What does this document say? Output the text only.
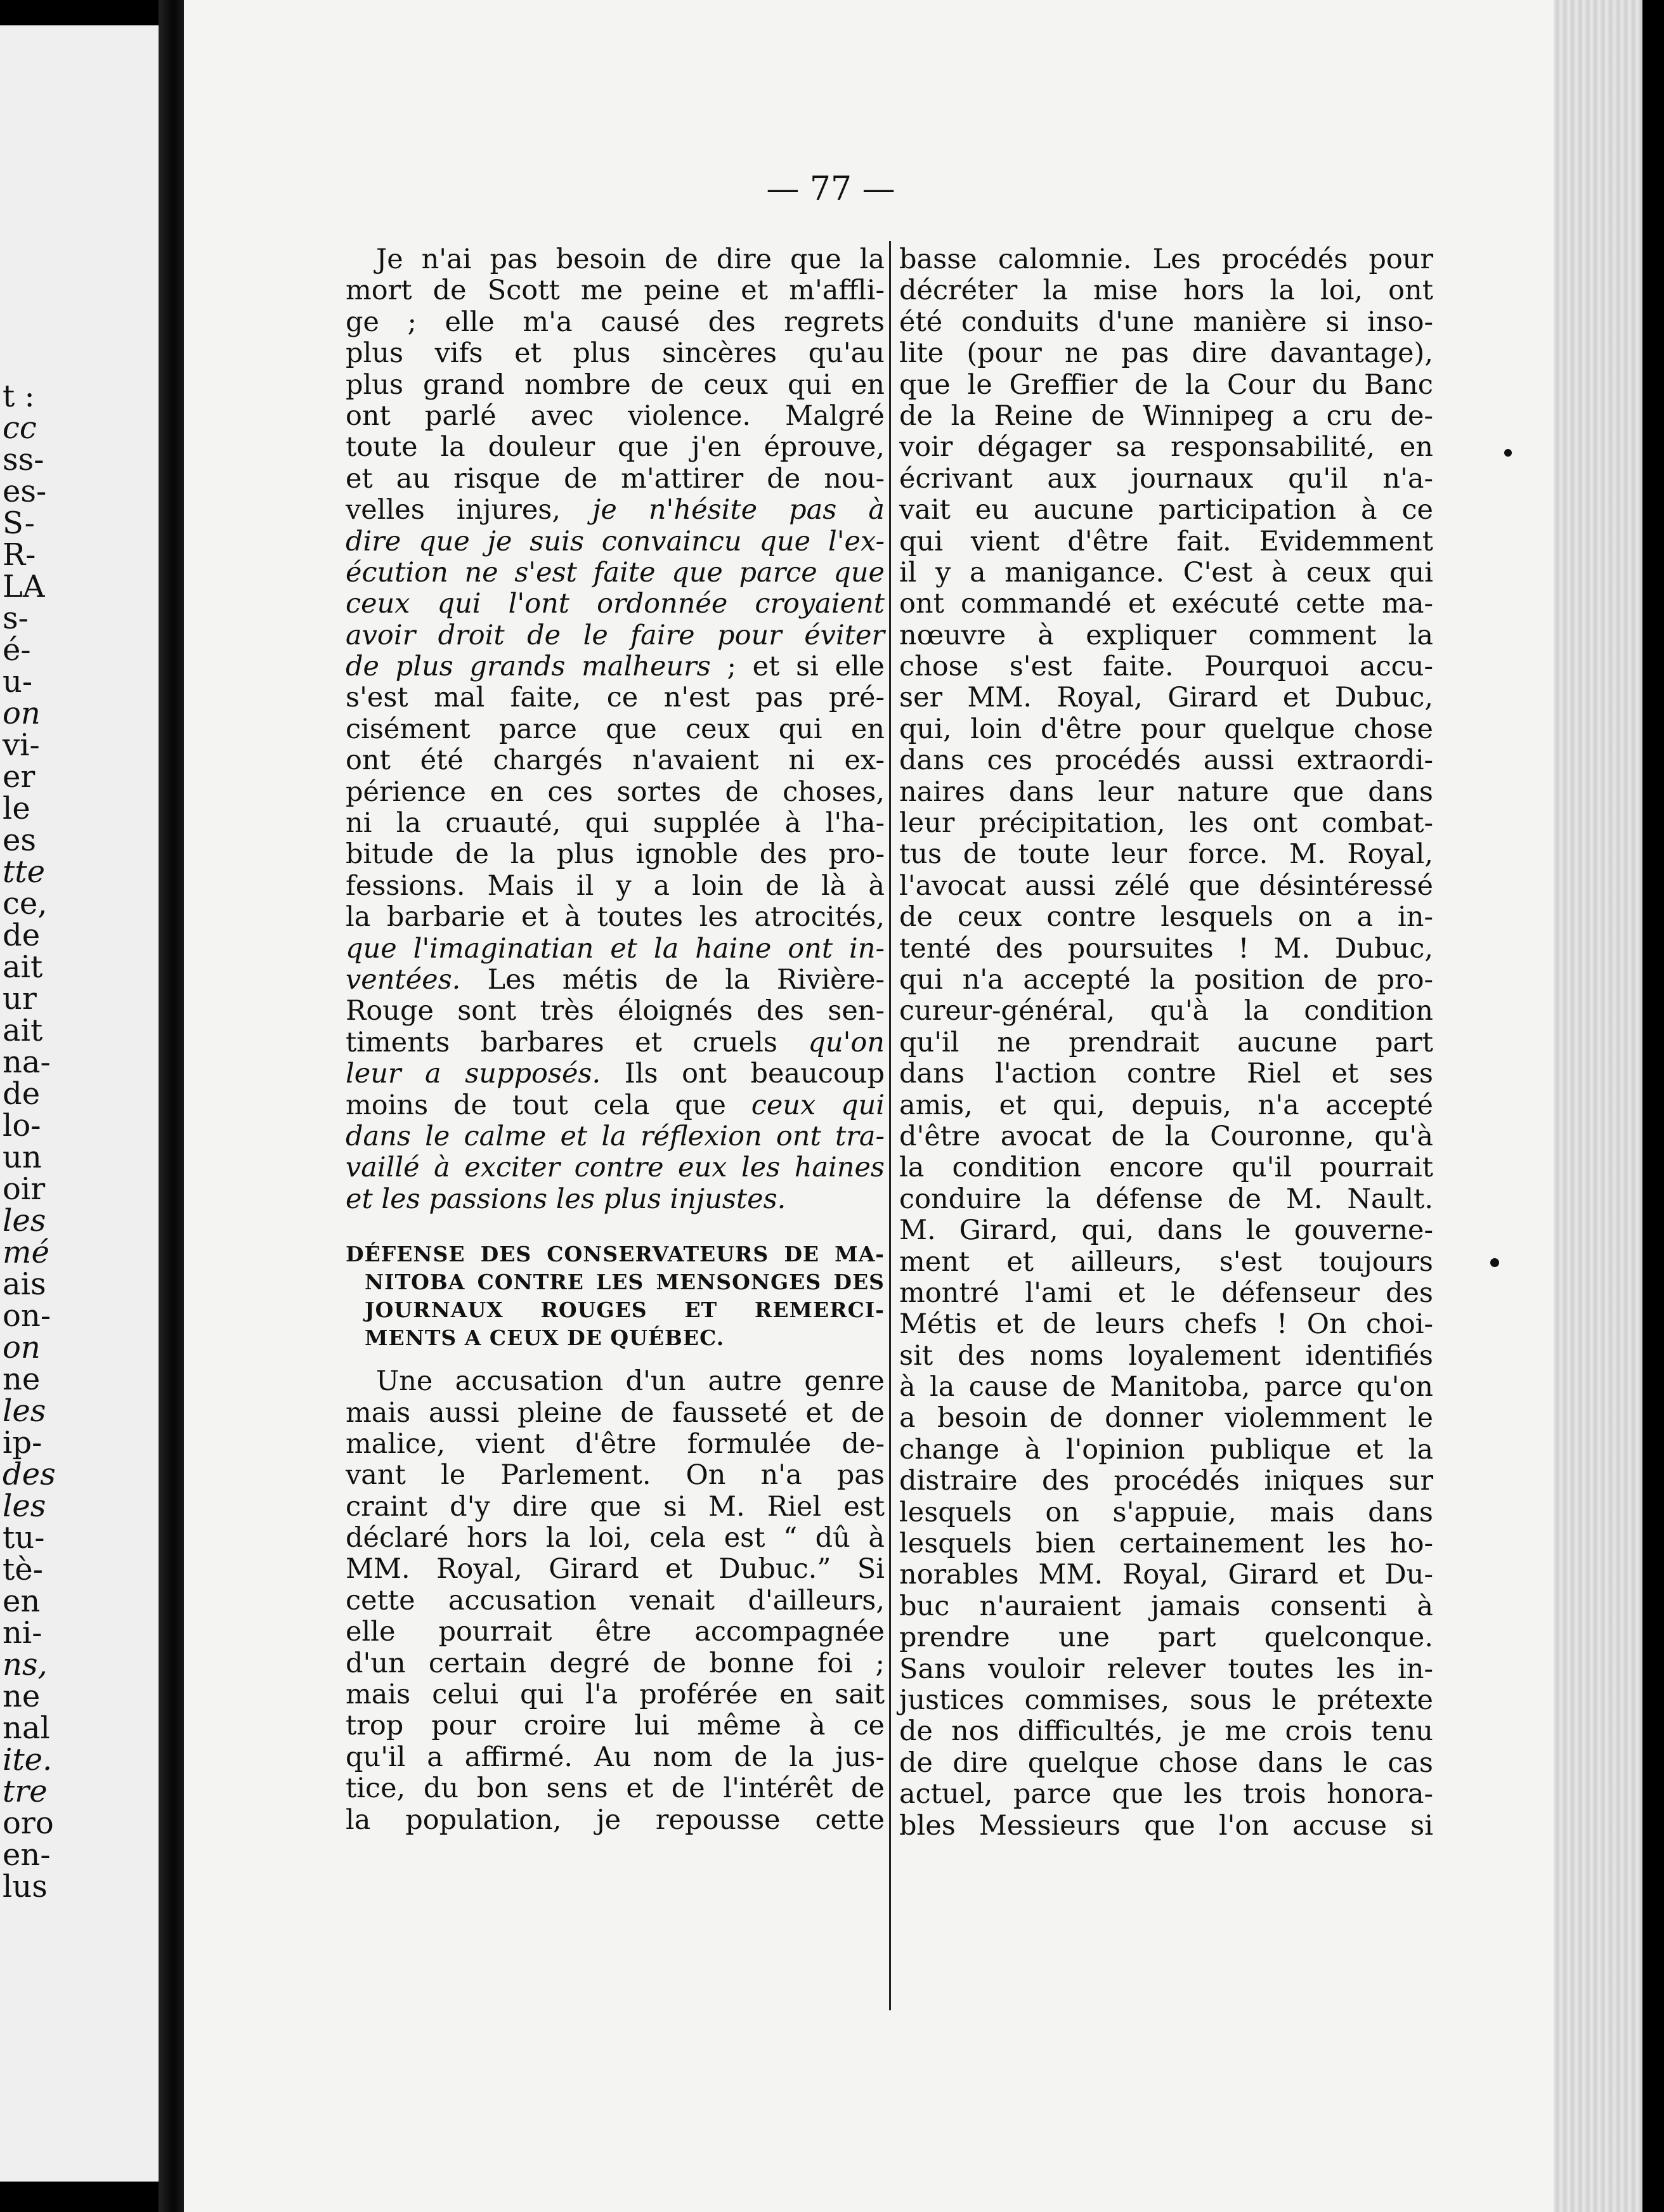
t :
cc
ss-
es-
S-
R-
LA
s-
é-
u-
on
vi-
er
le
es
tte
ce,
de
ait
ur
ait
na-
de
lo-
un
oir
les
mé
ais
on-
on
ne
les
ip-
des
les
tu-
tè-
en
ni-
ns,
ne
nal
ite.
tre
oro
en-
lus
— 77 —
Je n'ai pas besoin de dire que la
mort de Scott me peine et m'affli-
ge ; elle m'a causé des regrets
plus vifs et plus sincères qu'au
plus grand nombre de ceux qui en
ont parlé avec violence. Malgré
toute la douleur que j'en éprouve,
et au risque de m'attirer de nou-
velles injures, je n'hésite pas à
dire que je suis convaincu que l'ex-
écution ne s'est faite que parce que
ceux qui l'ont ordonnée croyaient
avoir droit de le faire pour éviter
de plus grands malheurs ; et si elle
s'est mal faite, ce n'est pas pré-
cisément parce que ceux qui en
ont été chargés n'avaient ni ex-
périence en ces sortes de choses,
ni la cruauté, qui supplée à l'ha-
bitude de la plus ignoble des pro-
fessions. Mais il y a loin de là à
la barbarie et à toutes les atrocités,
que l'imaginatian et la haine ont in-
ventées. Les métis de la Rivière-
Rouge sont très éloignés des sen-
timents barbares et cruels qu'on
leur a supposés. Ils ont beaucoup
moins de tout cela que ceux qui
dans le calme et la réflexion ont tra-
vaillé à exciter contre eux les haines
et les passions les plus injustes.
DÉFENSE DES CONSERVATEURS DE MA-
NITOBA CONTRE LES MENSONGES DES
JOURNAUX ROUGES ET REMERCI-
MENTS A CEUX DE QUÉBEC.
Une accusation d'un autre genre
mais aussi pleine de fausseté et de
malice, vient d'être formulée de-
vant le Parlement. On n'a pas
craint d'y dire que si M. Riel est
déclaré hors la loi, cela est “ dû à
MM. Royal, Girard et Dubuc.” Si
cette accusation venait d'ailleurs,
elle pourrait être accompagnée
d'un certain degré de bonne foi ;
mais celui qui l'a proférée en sait
trop pour croire lui même à ce
qu'il a affirmé. Au nom de la jus-
tice, du bon sens et de l'intérêt de
la population, je repousse cette
basse calomnie. Les procédés pour
décréter la mise hors la loi, ont
été conduits d'une manière si inso-
lite (pour ne pas dire davantage),
que le Greffier de la Cour du Banc
de la Reine de Winnipeg a cru de-
voir dégager sa responsabilité, en
écrivant aux journaux qu'il n'a-
vait eu aucune participation à ce
qui vient d'être fait. Evidemment
il y a manigance. C'est à ceux qui
ont commandé et exécuté cette ma-
nœuvre à expliquer comment la
chose s'est faite. Pourquoi accu-
ser MM. Royal, Girard et Dubuc,
qui, loin d'être pour quelque chose
dans ces procédés aussi extraordi-
naires dans leur nature que dans
leur précipitation, les ont combat-
tus de toute leur force. M. Royal,
l'avocat aussi zélé que désintéressé
de ceux contre lesquels on a in-
tenté des poursuites ! M. Dubuc,
qui n'a accepté la position de pro-
cureur-général, qu'à la condition
qu'il ne prendrait aucune part
dans l'action contre Riel et ses
amis, et qui, depuis, n'a accepté
d'être avocat de la Couronne, qu'à
la condition encore qu'il pourrait
conduire la défense de M. Nault.
M. Girard, qui, dans le gouverne-
ment et ailleurs, s'est toujours
montré l'ami et le défenseur des
Métis et de leurs chefs ! On choi-
sit des noms loyalement identifiés
à la cause de Manitoba, parce qu'on
a besoin de donner violemment le
change à l'opinion publique et la
distraire des procédés iniques sur
lesquels on s'appuie, mais dans
lesquels bien certainement les ho-
norables MM. Royal, Girard et Du-
buc n'auraient jamais consenti à
prendre une part quelconque.
Sans vouloir relever toutes les in-
justices commises, sous le prétexte
de nos difficultés, je me crois tenu
de dire quelque chose dans le cas
actuel, parce que les trois honora-
bles Messieurs que l'on accuse si
